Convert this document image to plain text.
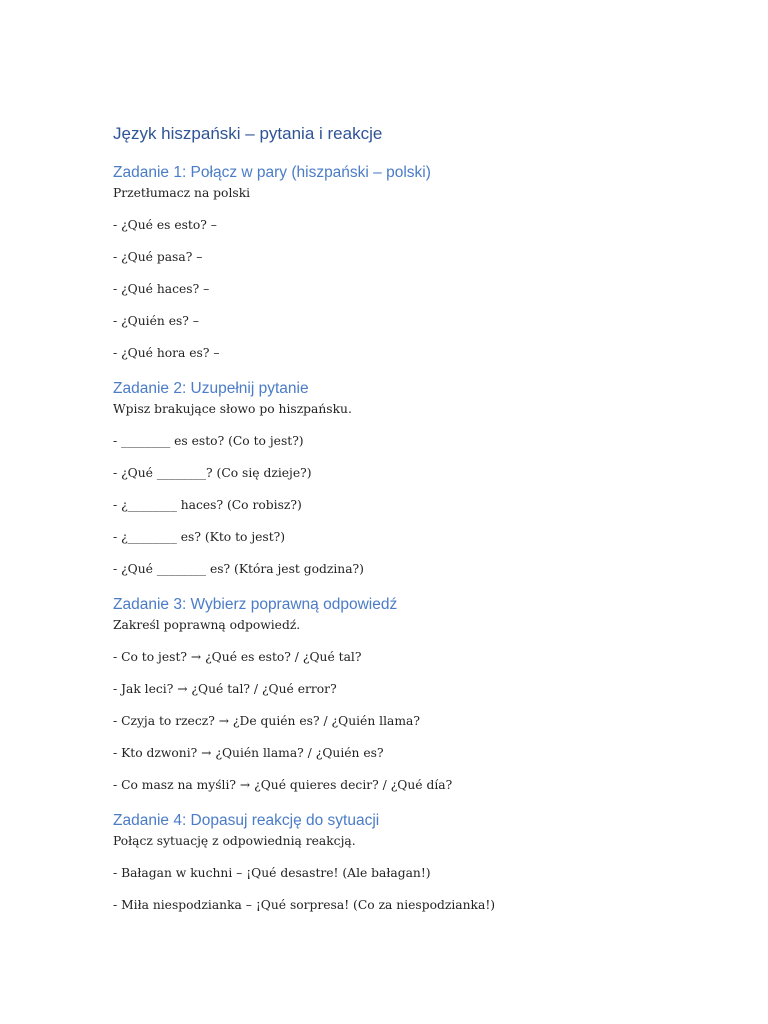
Język hiszpański – pytania i reakcje
Zadanie 1: Połącz w pary (hiszpański – polski)

Przetłumacz na polski

- ¿Qué es esto? –

- ¿Qué pasa? –

- ¿Qué haces? –

- ¿Quién es? –

- ¿Qué hora es? –

Zadanie 2: Uzupełnij pytanie

Wpisz brakujące słowo po hiszpańsku.

- ________ es esto? (Co to jest?)

- ¿Qué ________? (Co się dzieje?)

- ¿________ haces? (Co robisz?)

- ¿________ es? (Kto to jest?)

- ¿Qué ________ es? (Która jest godzina?)

Zadanie 3: Wybierz poprawną odpowiedź

Zakreśl poprawną odpowiedź.

- Co to jest? → ¿Qué es esto? / ¿Qué tal?

- Jak leci? → ¿Qué tal? / ¿Qué error?

- Czyja to rzecz? → ¿De quién es? / ¿Quién llama?

- Kto dzwoni? → ¿Quién llama? / ¿Quién es?

- Co masz na myśli? → ¿Qué quieres decir? / ¿Qué día?

Zadanie 4: Dopasuj reakcję do sytuacji

Połącz sytuację z odpowiednią reakcją.

- Bałagan w kuchni – ¡Qué desastre! (Ale bałagan!)

- Miła niespodzianka – ¡Qué sorpresa! (Co za niespodzianka!)
